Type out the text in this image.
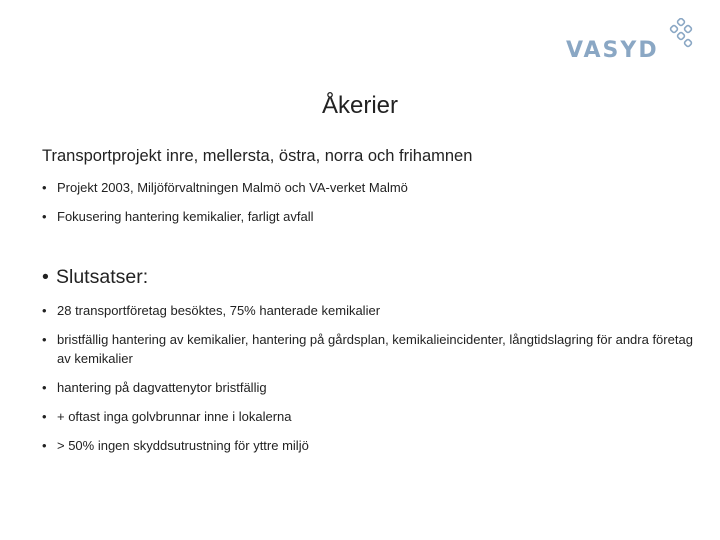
VASYD
Åkerier
Transportprojekt inre, mellersta, östra, norra och frihamnen
• Projekt 2003, Miljöförvaltningen Malmö och VA-verket Malmö
• Fokusering hantering kemikalier, farligt avfall
• Slutsatser:
• 28 transportföretag besöktes, 75% hanterade kemikalier
• bristfällig hantering av kemikalier, hantering på gårdsplan, kemikalieincidenter, långtidslagring för andra företag av kemikalier
• hantering på dagvattenytor bristfällig
• + oftast inga golvbrunnar inne i lokalerna
• > 50% ingen skyddsutrustning för yttre miljö
